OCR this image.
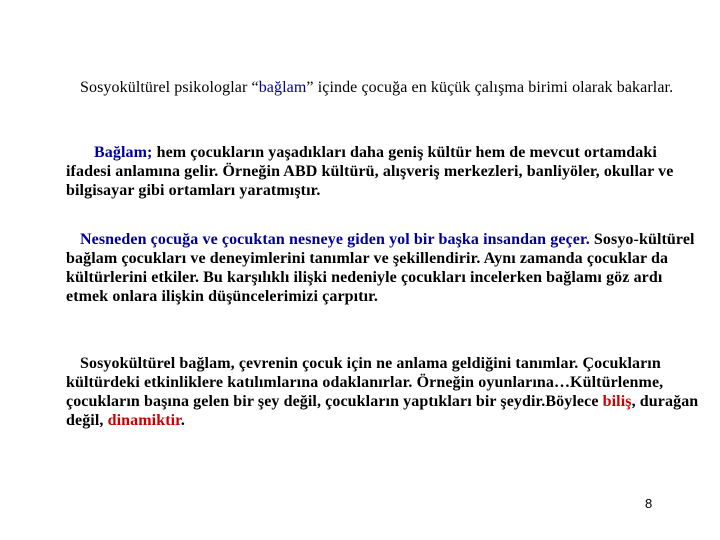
Sosyokültürel psikologlar “bağlam” içinde çocuğa en küçük çalışma birimi olarak bakarlar.
Bağlam; hem çocukların yaşadıkları daha geniş kültür hem de mevcut ortamdaki ifadesi anlamına gelir. Örneğin ABD kültürü, alışveriş merkezleri, banliyöler, okullar ve bilgisayar gibi ortamları yaratmıştır.
Nesneden çocuğa ve çocuktan nesneye giden yol bir başka insandan geçer. Sosyo-kültürel bağlam çocukları ve deneyimlerini tanımlar ve şekillendirir. Aynı zamanda çocuklar da kültürlerini etkiler. Bu karşılıklı ilişki nedeniyle çocukları incelerken bağlamı göz ardı etmek onlara ilişkin düşüncelerimizi çarpıtır.
Sosyokültürel bağlam, çevrenin çocuk için ne anlama geldiğini tanımlar. Çocukların kültürdeki etkinliklere katılımlarına odaklanırlar. Örneğin oyunlarına…Kültürlenme, çocukların başına gelen bir şey değil, çocukların yaptıkları bir şeydir.Böylece biliş, durağan değil, dinamiktir.
8
